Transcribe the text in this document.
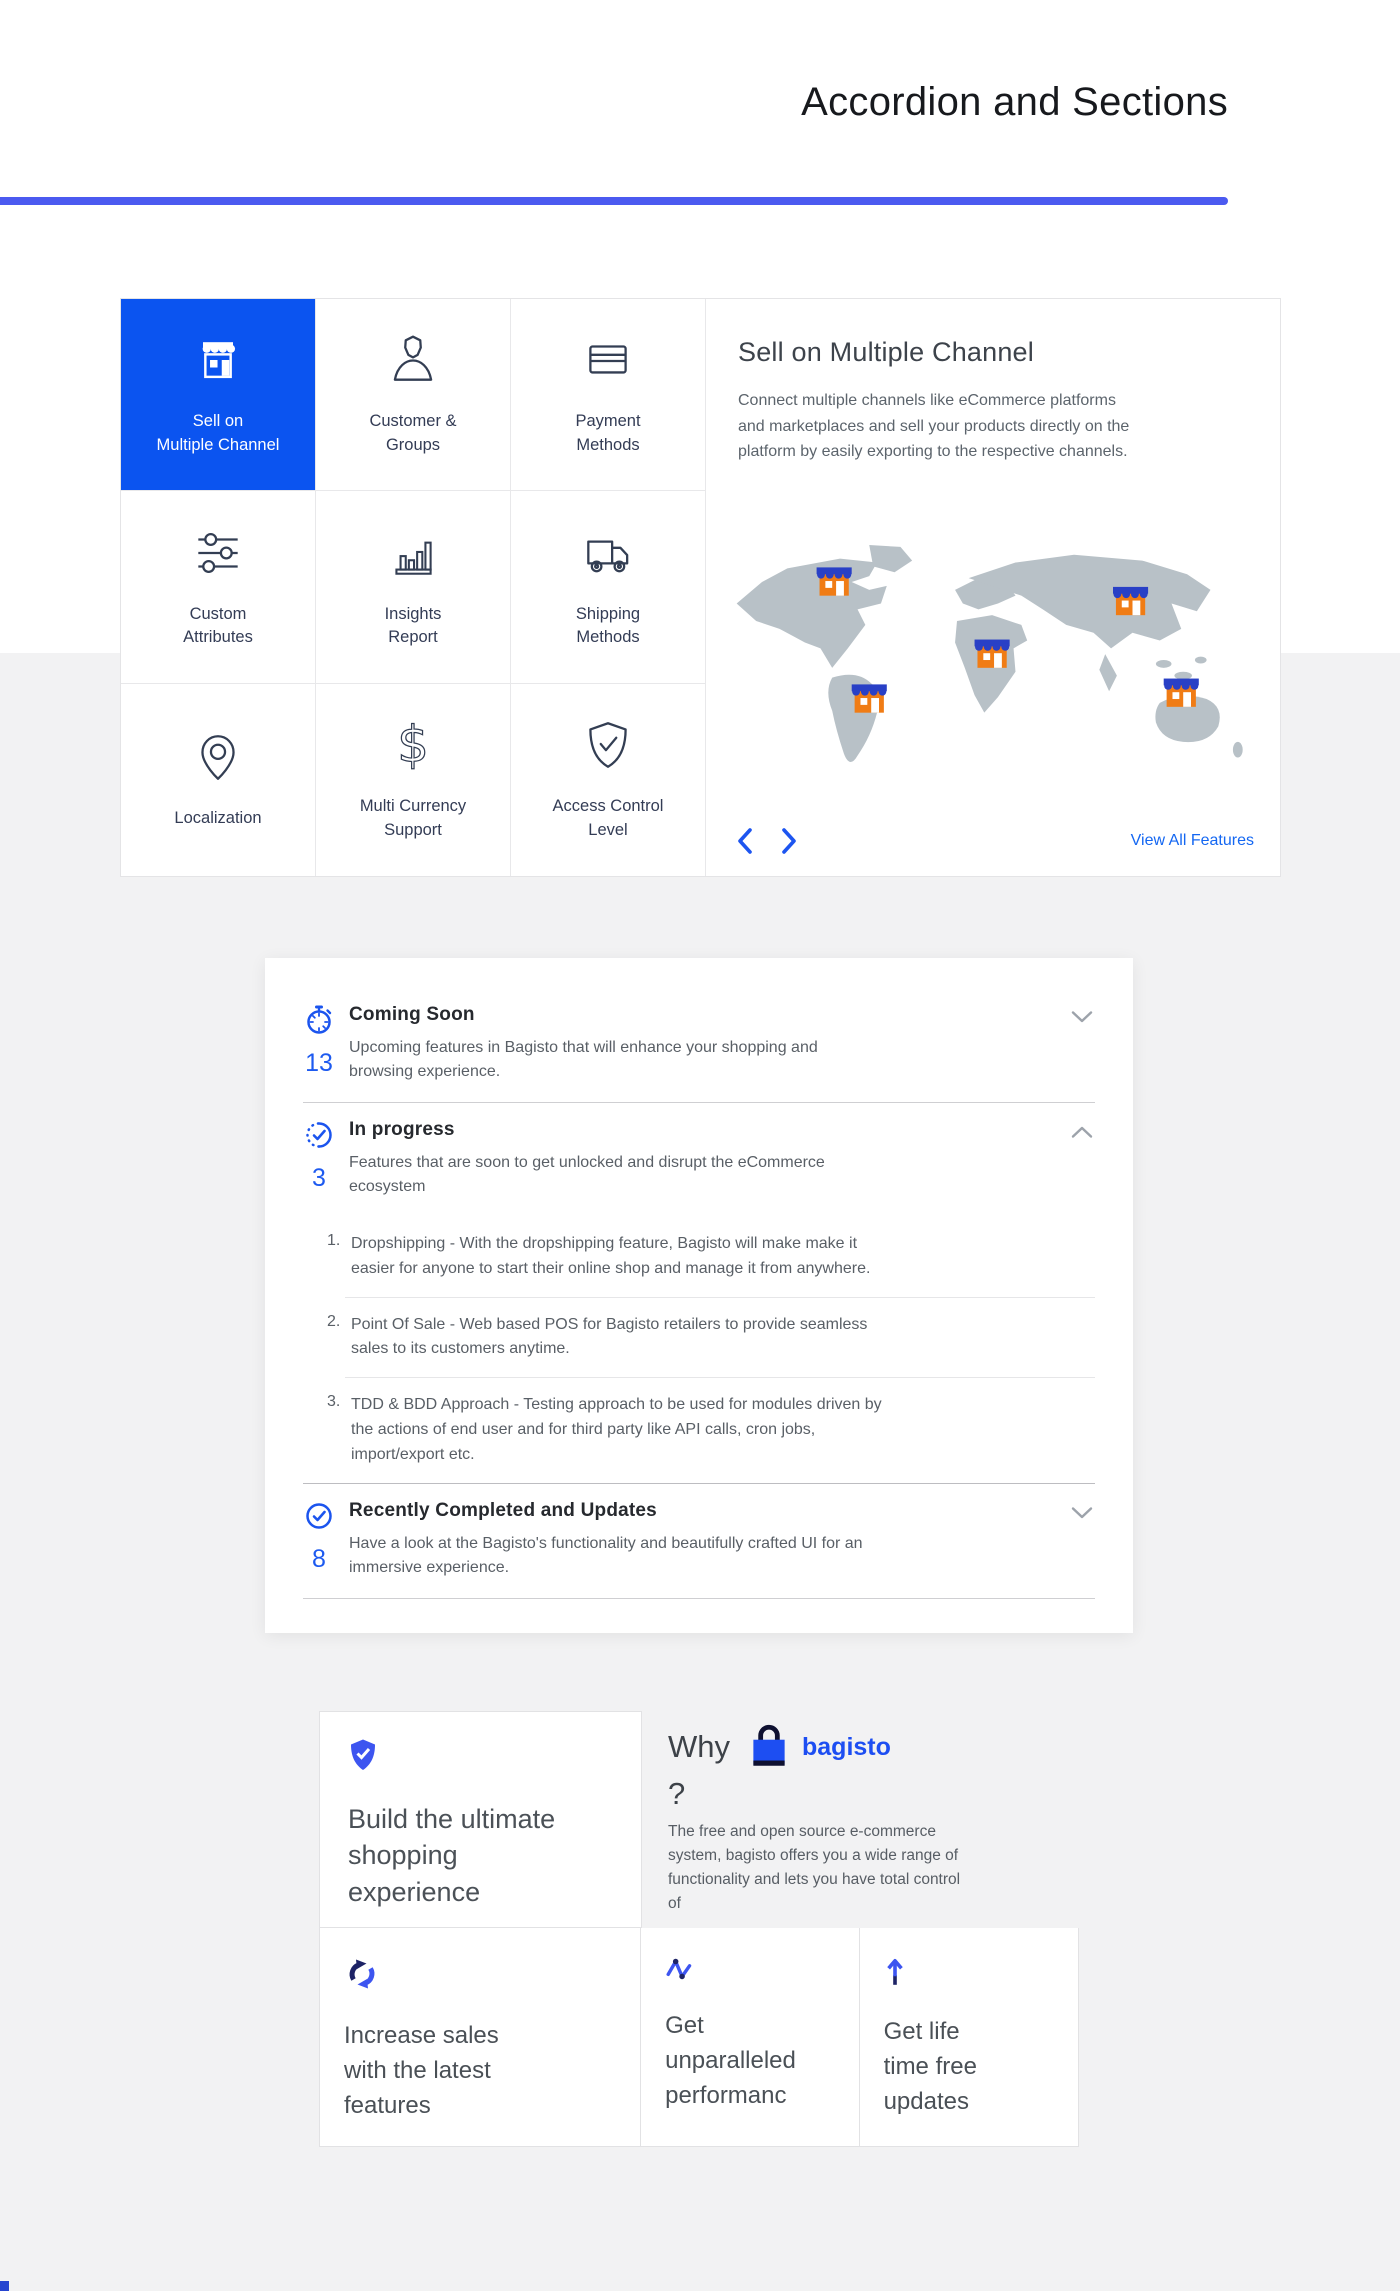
Accordion and Sections
Sell on
Multiple Channel
Customer &
Groups
Payment
Methods
Custom
Attributes
Insights
Report
Shipping
Methods
Localization
$
Multi Currency
Support
Access Control
Level
Sell on Multiple Channel
Connect multiple channels like eCommerce platforms
and marketplaces and sell your products directly on the
platform by easily exporting to the respective channels.
View All Features
13
Coming Soon
Upcoming features in Bagisto that will enhance your shopping and
browsing experience.
3
In progress
Features that are soon to get unlocked and disrupt the eCommerce
ecosystem
1. Dropshipping - With the dropshipping feature, Bagisto will make make it
easier for anyone to start their online shop and manage it from anywhere.
2. Point Of Sale - Web based POS for Bagisto retailers to provide seamless
sales to its customers anytime.
3. TDD & BDD Approach - Testing approach to be used for modules driven by
the actions of end user and for third party like API calls, cron jobs,
import/export etc.
8
Recently Completed and Updates
Have a look at the Bagisto's functionality and beautifully crafted UI for an
immersive experience.
Build the ultimate
shopping
experience
Why	bagisto
?
The free and open source e-commerce
system, bagisto offers you a wide range of
functionality and lets you have total control
of
Increase sales
with the latest
features
Get
unparalleled
performanc
Get life
time free
updates
